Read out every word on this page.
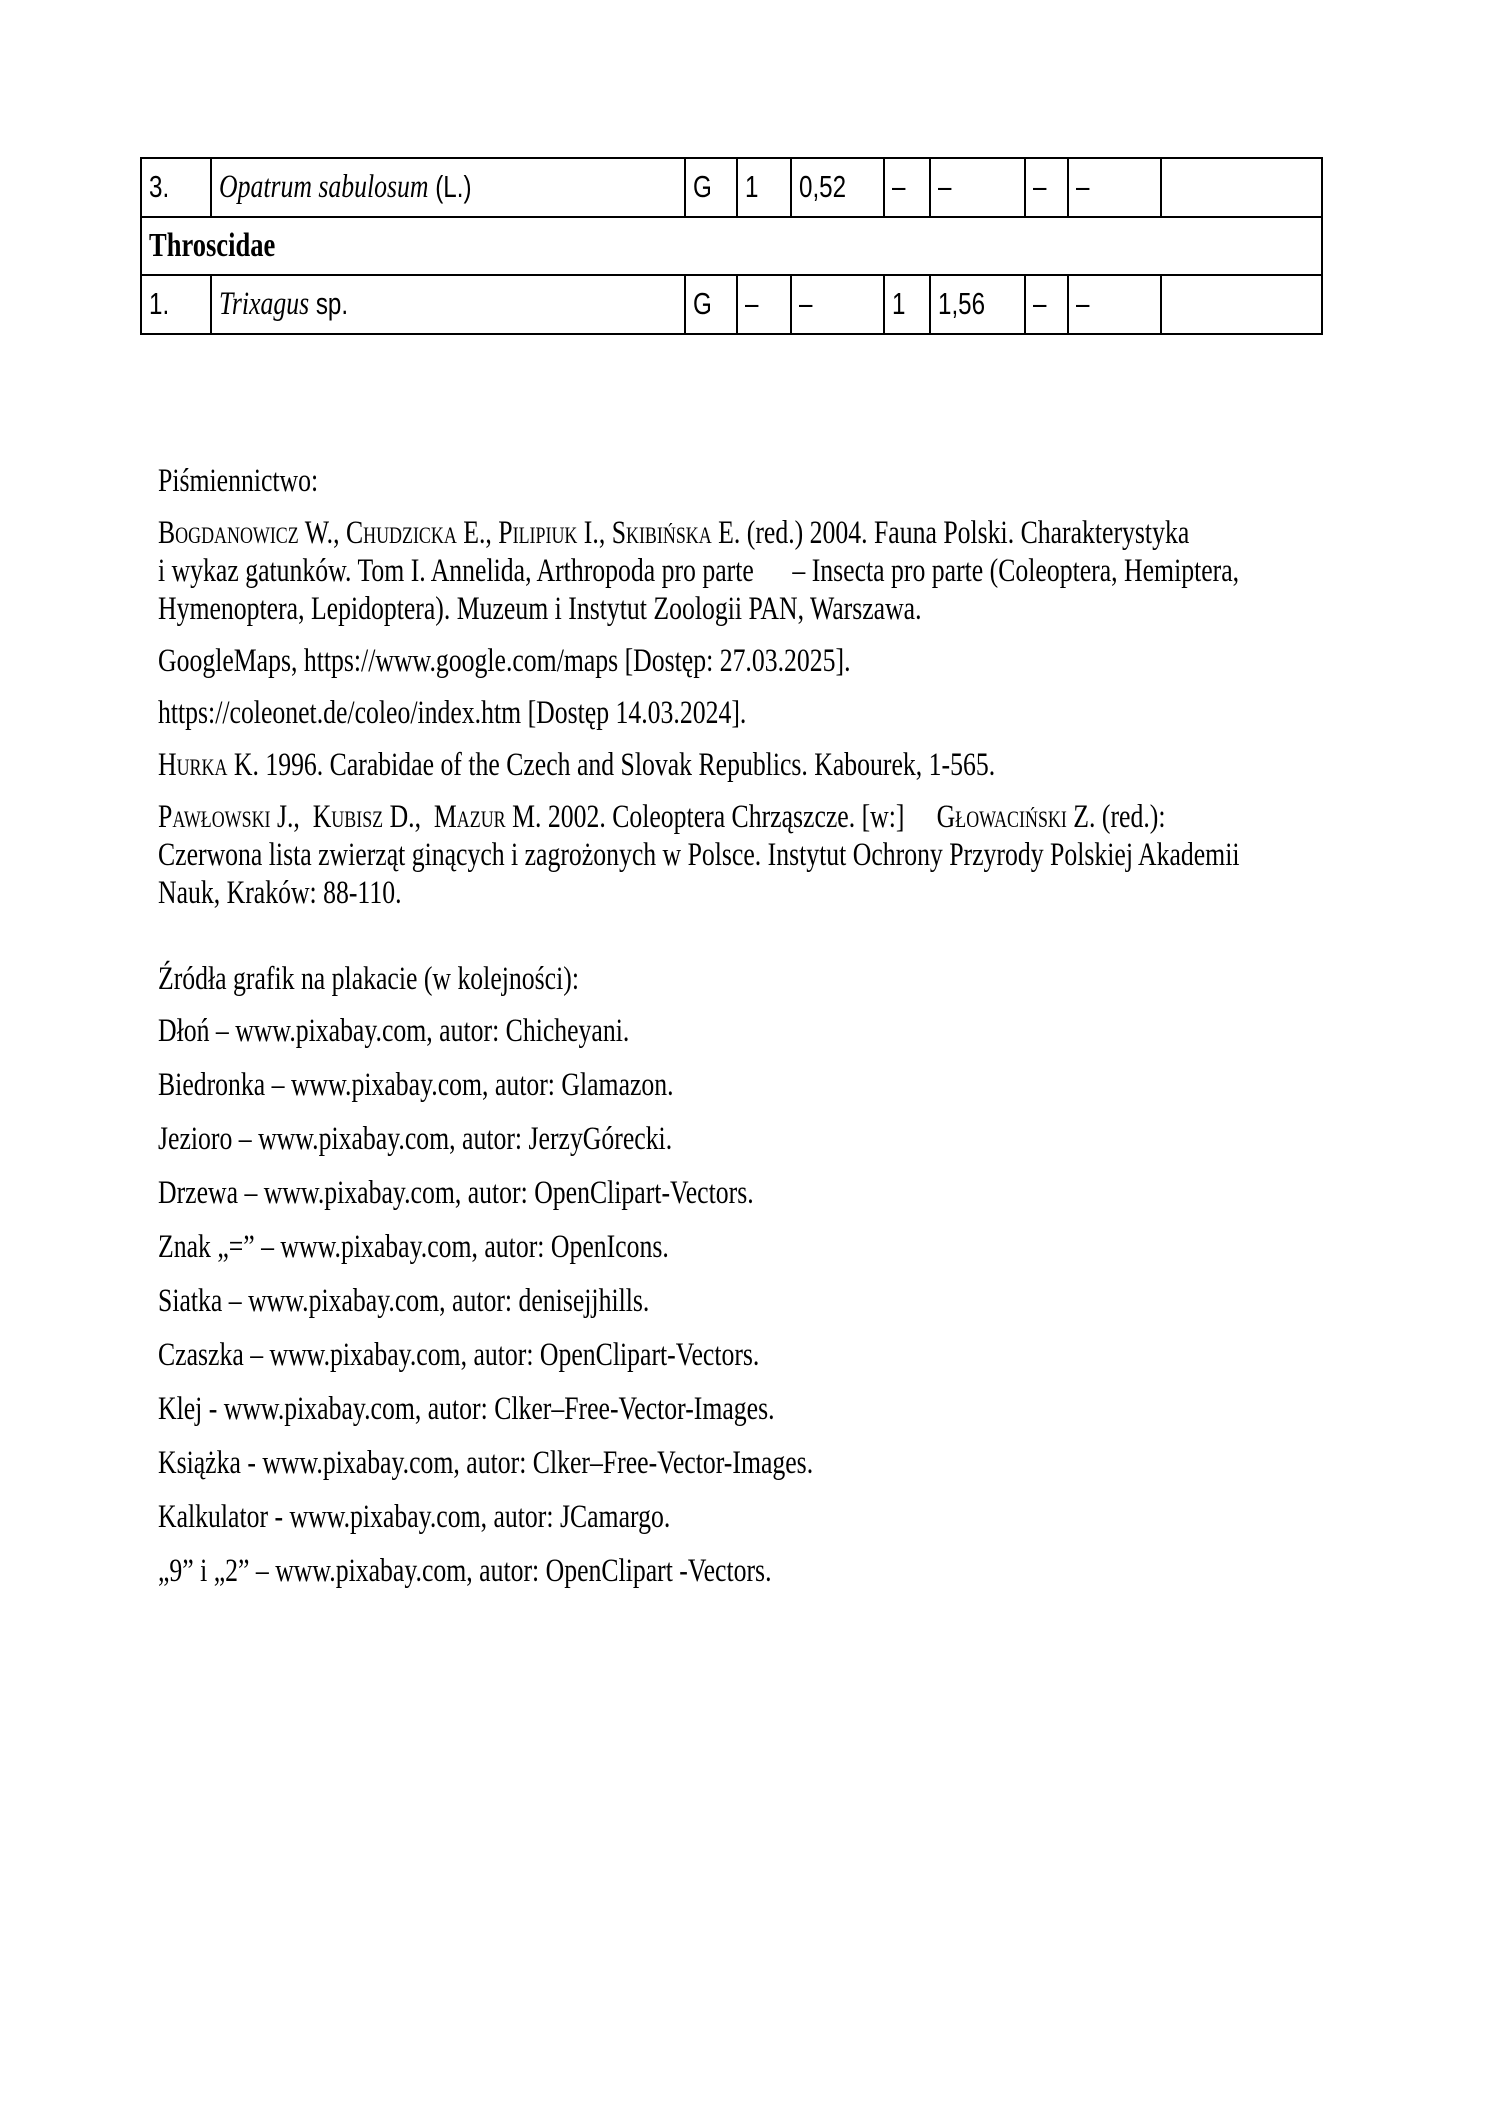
3.	Opatrum sabulosum (L.)	G	1	0,52	–	–	–	–	
Throscidae									
1.	Trixagus sp.	G	–	–	1	1,56	–	–	
Piśmiennictwo:
Bogdanowicz W., Chudzicka E., Pilipiuk I., Skibińska E. (red.) 2004. Fauna Polski. Charakterystyka
i wykaz gatunków. Tom I. Annelida, Arthropoda pro parte      – Insecta pro parte (Coleoptera, Hemiptera,
Hymenoptera, Lepidoptera). Muzeum i Instytut Zoologii PAN, Warszawa.
GoogleMaps, https://www.google.com/maps [Dostęp: 27.03.2025].
https://coleonet.de/coleo/index.htm [Dostęp 14.03.2024].
Hurka K. 1996. Carabidae of the Czech and Slovak Republics. Kabourek, 1-565.
Pawłowski J.,  Kubisz D.,  Mazur M. 2002. Coleoptera Chrząszcze. [w:]     Głowaciński Z. (red.):
Czerwona lista zwierząt ginących i zagrożonych w Polsce. Instytut Ochrony Przyrody Polskiej Akademii
Nauk, Kraków: 88-110.
Źródła grafik na plakacie (w kolejności):
Dłoń – www.pixabay.com, autor: Chicheyani.
Biedronka – www.pixabay.com, autor: Glamazon.
Jezioro – www.pixabay.com, autor: JerzyGórecki.
Drzewa – www.pixabay.com, autor: OpenClipart-Vectors.
Znak „=” – www.pixabay.com, autor: OpenIcons.
Siatka – www.pixabay.com, autor: denisejjhills.
Czaszka – www.pixabay.com, autor: OpenClipart-Vectors.
Klej - www.pixabay.com, autor: Clker–Free-Vector-Images.
Książka - www.pixabay.com, autor: Clker–Free-Vector-Images.
Kalkulator - www.pixabay.com, autor: JCamargo.
„9” i „2” – www.pixabay.com, autor: OpenClipart -Vectors.
